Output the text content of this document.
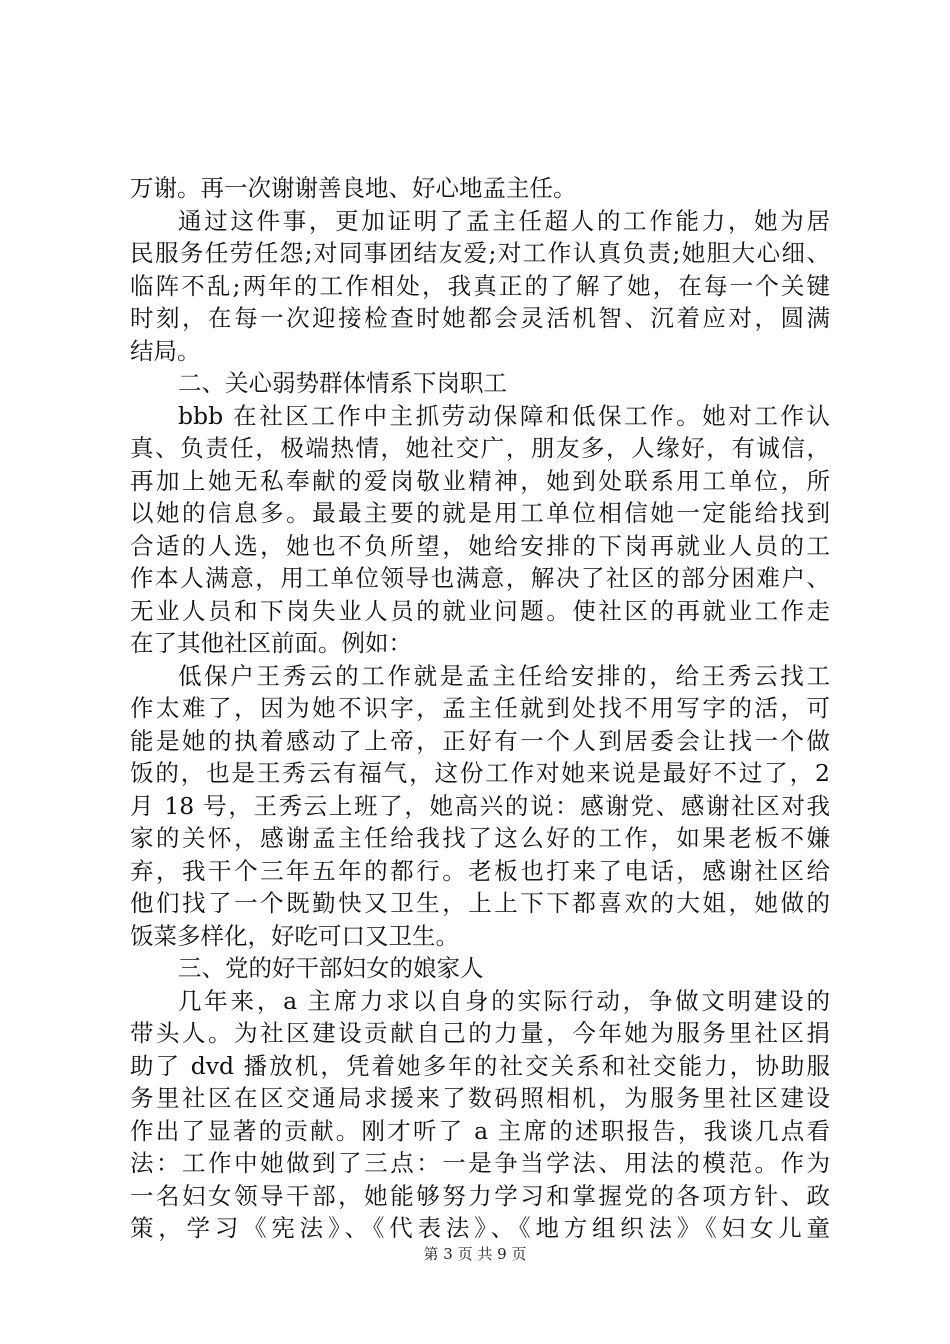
万谢。再一次谢谢善良地、好心地孟主任。
通过这件事，更加证明了孟主任超人的工作能力，她为居
民服务任劳任怨;对同事团结友爱;对工作认真负责;她胆大心细、
临阵不乱;两年的工作相处，我真正的了解了她，在每一个关键
时刻，在每一次迎接检查时她都会灵活机智、沉着应对，圆满
结局。
二、关心弱势群体情系下岗职工
bbb 在社区工作中主抓劳动保障和低保工作。她对工作认
真、负责任，极端热情，她社交广，朋友多，人缘好，有诚信，
再加上她无私奉献的爱岗敬业精神，她到处联系用工单位，所
以她的信息多。最最主要的就是用工单位相信她一定能给找到
合适的人选，她也不负所望，她给安排的下岗再就业人员的工
作本人满意，用工单位领导也满意，解决了社区的部分困难户、
无业人员和下岗失业人员的就业问题。使社区的再就业工作走
在了其他社区前面。例如：
低保户王秀云的工作就是孟主任给安排的，给王秀云找工
作太难了，因为她不识字，孟主任就到处找不用写字的活，可
能是她的执着感动了上帝，正好有一个人到居委会让找一个做
饭的，也是王秀云有福气，这份工作对她来说是最好不过了，2
月 18 号，王秀云上班了，她高兴的说：感谢党、感谢社区对我
家的关怀，感谢孟主任给我找了这么好的工作，如果老板不嫌
弃，我干个三年五年的都行。老板也打来了电话，感谢社区给
他们找了一个既勤快又卫生，上上下下都喜欢的大姐，她做的
饭菜多样化，好吃可口又卫生。
三、党的好干部妇女的娘家人
几年来，a 主席力求以自身的实际行动，争做文明建设的
带头人。为社区建设贡献自己的力量，今年她为服务里社区捐
助了 dvd 播放机，凭着她多年的社交关系和社交能力，协助服
务里社区在区交通局求援来了数码照相机，为服务里社区建设
作出了显著的贡献。刚才听了 a 主席的述职报告，我谈几点看
法：工作中她做到了三点：一是争当学法、用法的模范。作为
一名妇女领导干部，她能够努力学习和掌握党的各项方针、政
策，学习《宪法》、《代表法》、《地方组织法》《妇女儿童
第 3 页 共 9 页
